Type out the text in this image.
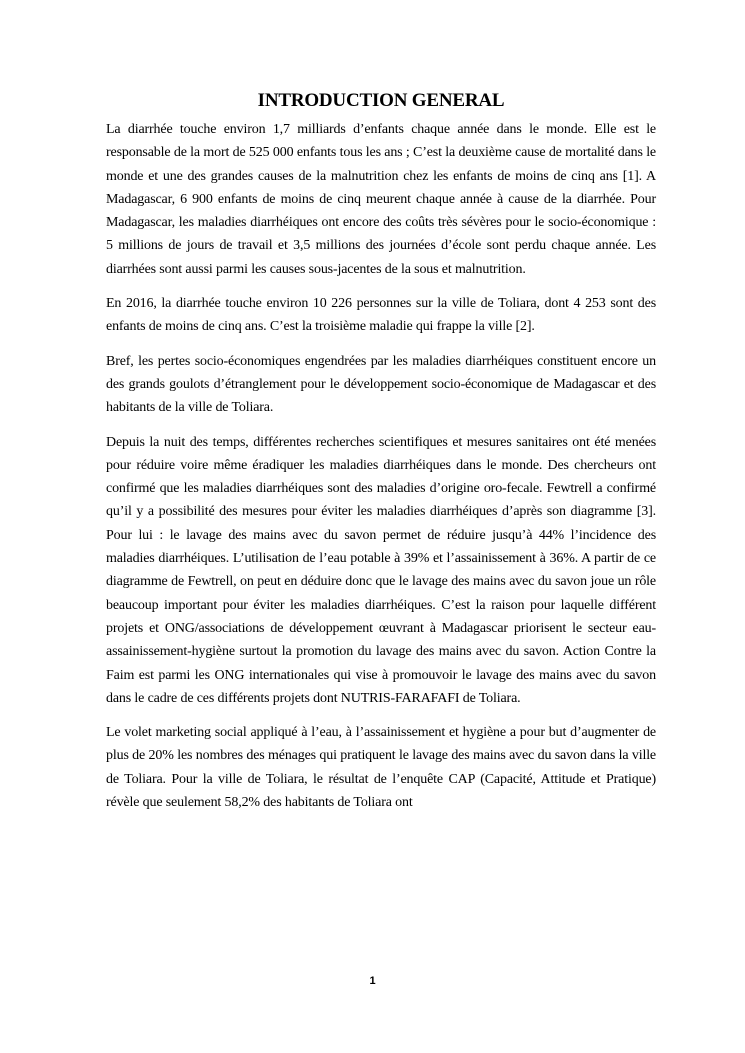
INTRODUCTION GENERAL

La diarrhée touche environ 1,7 milliards d’enfants chaque année dans le monde. Elle est le responsable de la mort de 525 000 enfants tous les ans ; C’est la deuxième cause de mortalité dans le monde et une des grandes causes de la malnutrition chez les enfants de moins de cinq ans [1]. A Madagascar, 6 900 enfants de moins de cinq meurent chaque année à cause de la diarrhée. Pour Madagascar, les maladies diarrhéiques ont encore des coûts très sévères pour le socio-économique : 5 millions de jours de travail et 3,5 millions des journées d’école sont perdu chaque année. Les diarrhées sont aussi parmi les causes sous-jacentes de la sous et malnutrition.

En 2016, la diarrhée touche environ 10 226 personnes sur la ville de Toliara, dont 4 253 sont des enfants de moins de cinq ans. C’est la troisième maladie qui frappe la ville [2].

Bref, les pertes socio-économiques engendrées par les maladies diarrhéiques constituent encore un des grands goulots d’étranglement pour le développement socio-économique de Madagascar et des habitants de la ville de Toliara.

Depuis la nuit des temps, différentes recherches scientifiques et mesures sanitaires ont été menées pour réduire voire même éradiquer les maladies diarrhéiques dans le monde. Des chercheurs ont confirmé que les maladies diarrhéiques sont des maladies d’origine oro-fecale. Fewtrell a confirmé qu’il y a possibilité des mesures pour éviter les maladies diarrhéiques d’après son diagramme [3]. Pour lui : le lavage des mains avec du savon permet de réduire jusqu’à 44% l’incidence des maladies diarrhéiques. L’utilisation de l’eau potable à 39% et l’assainissement à 36%. A partir de ce diagramme de Fewtrell, on peut en déduire donc que le lavage des mains avec du savon joue un rôle beaucoup important pour éviter les maladies diarrhéiques. C’est la raison pour laquelle différent projets et ONG/associations de développement œuvrant à Madagascar priorisent le secteur eau-assainissement-hygiène surtout la promotion du lavage des mains avec du savon. Action Contre la Faim est parmi les ONG internationales qui vise à promouvoir le lavage des mains avec du savon dans le cadre de ces différents projets dont NUTRIS-FARAFAFI de Toliara.

Le volet marketing social appliqué à l’eau, à l’assainissement et hygiène a pour but d’augmenter de plus de 20% les nombres des ménages qui pratiquent le lavage des mains avec du savon dans la ville de Toliara. Pour la ville de Toliara, le résultat de l’enquête CAP (Capacité, Attitude et Pratique) révèle que seulement 58,2% des habitants de Toliara ont

1
